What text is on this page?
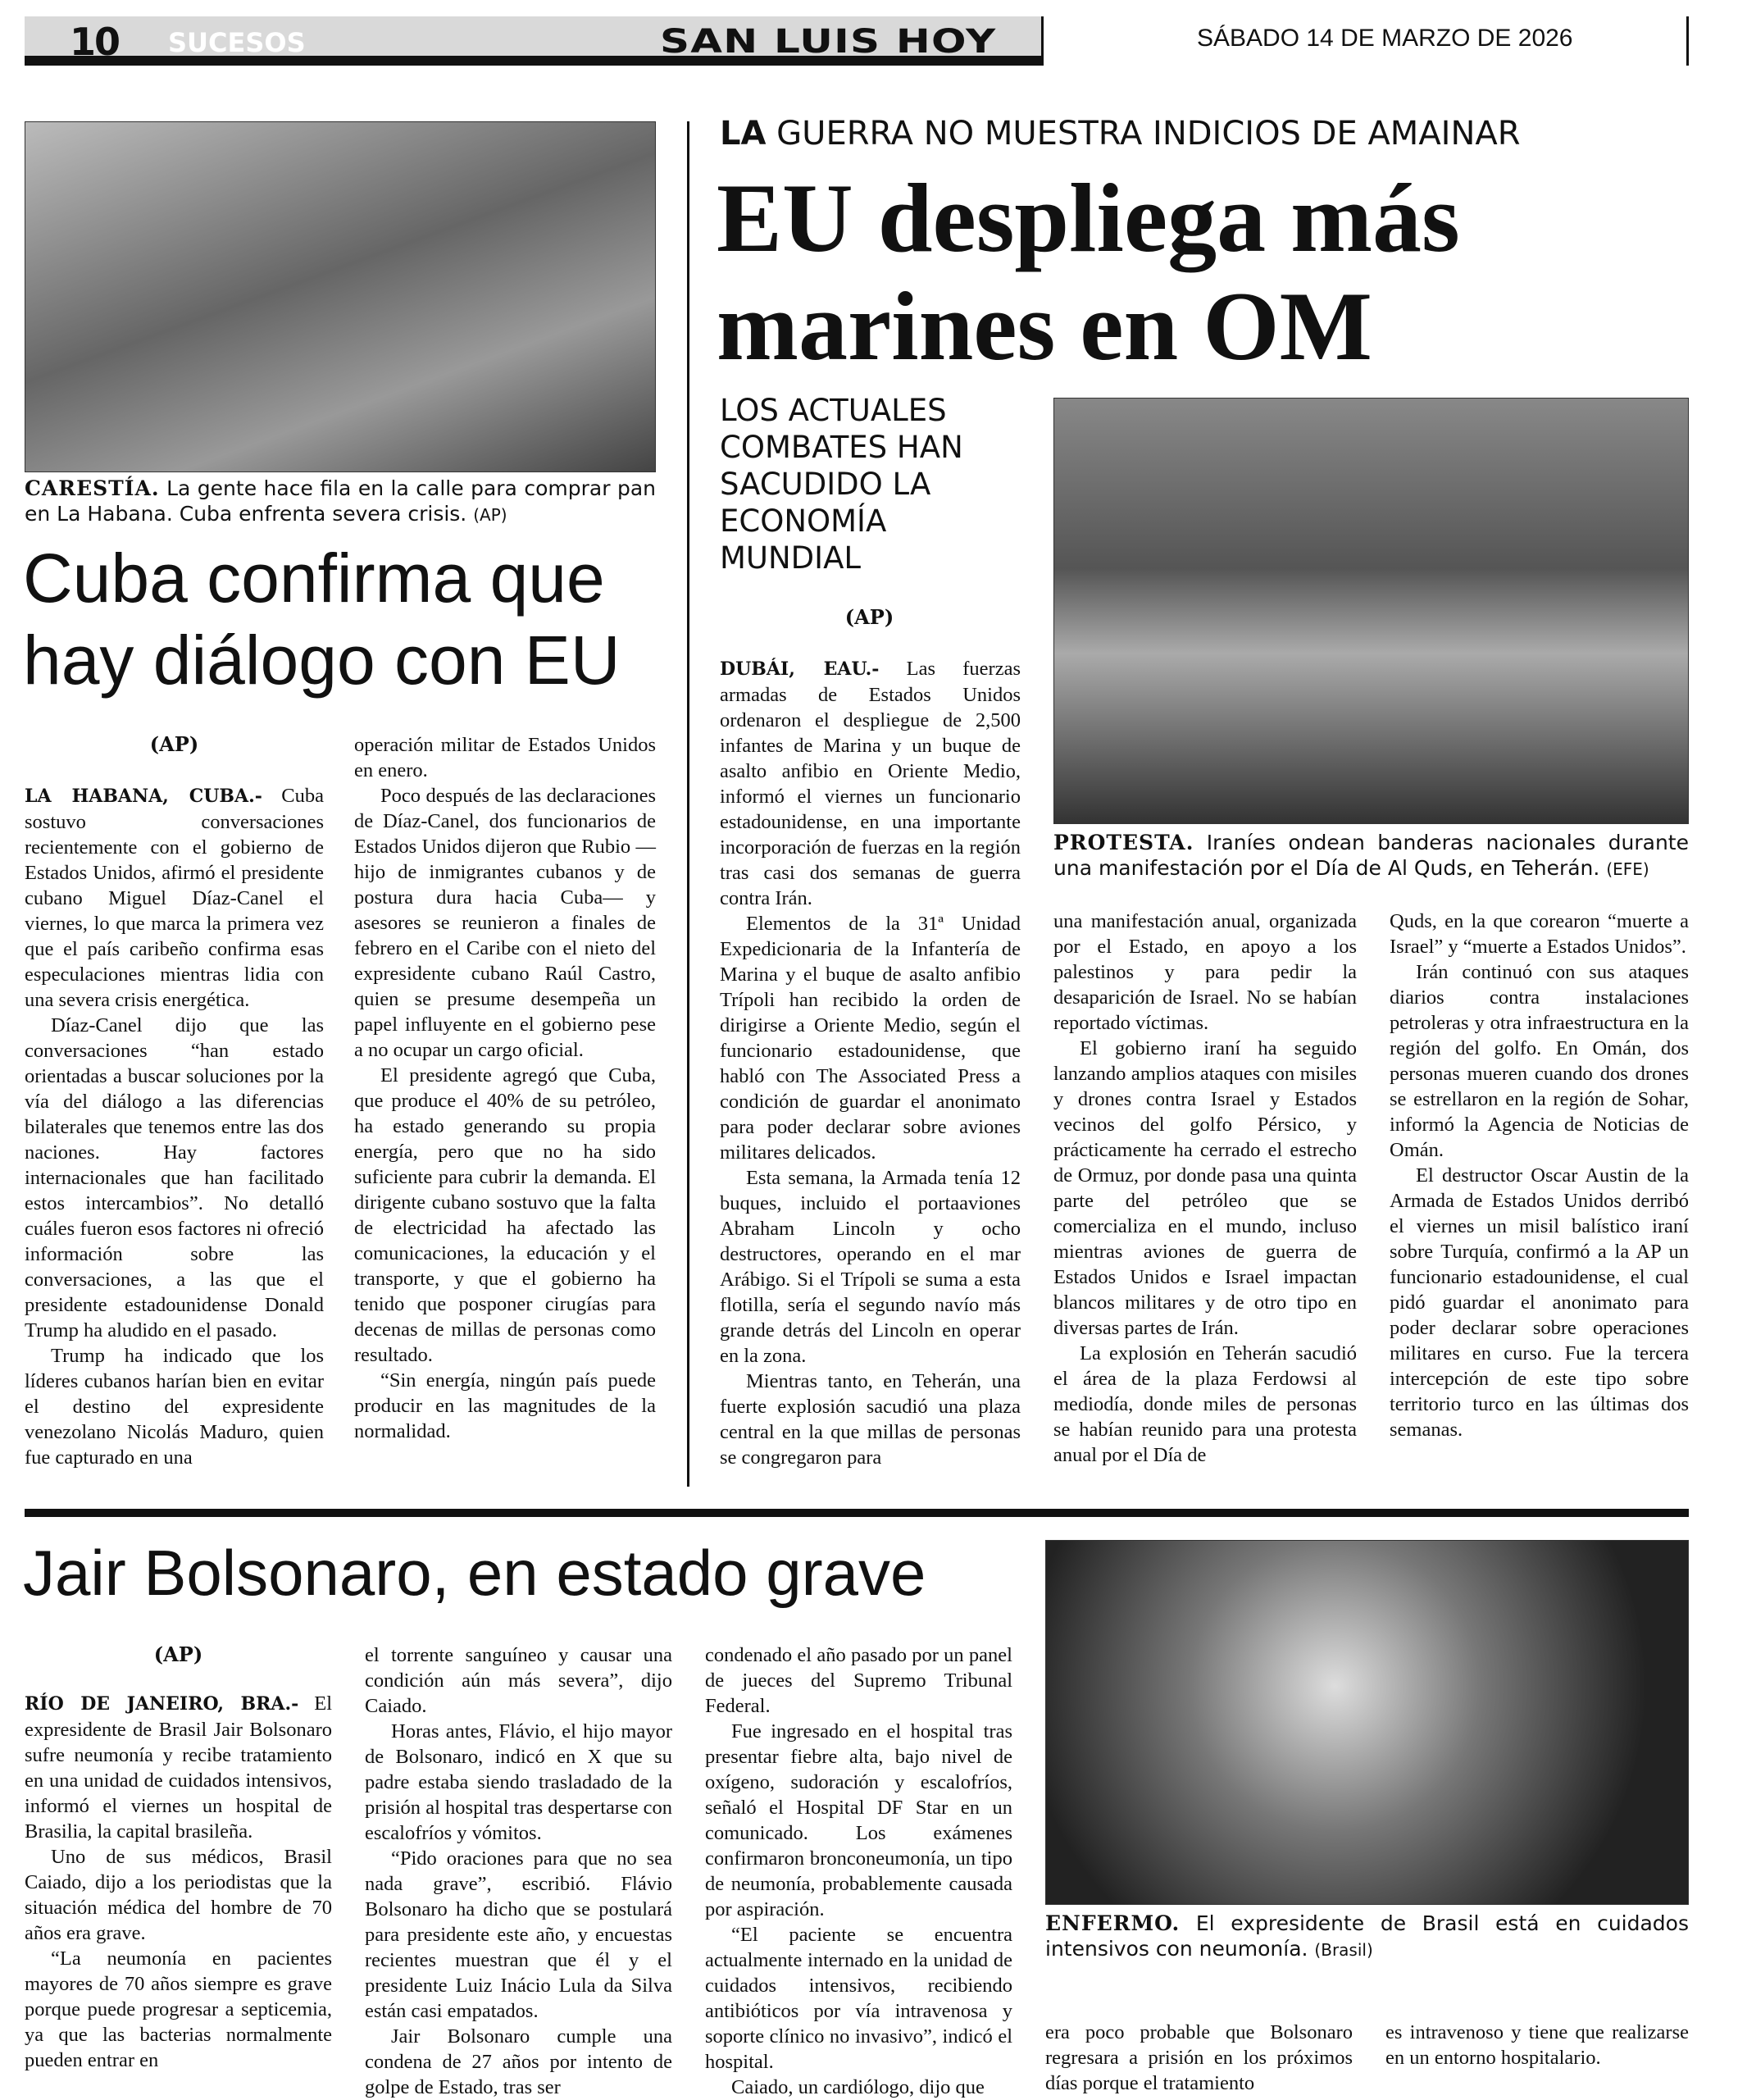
10 SUCESOS	SAN LUIS HOY	SÁBADO 14 DE MARZO DE 2026
CARESTÍA. La gente hace fila en la calle para comprar pan en La Habana. Cuba enfrenta severa crisis. (AP)
Cuba confirma que hay diálogo con EU
(AP)

LA HABANA, CUBA.- Cuba sostuvo conversaciones recientemente con el gobierno de Estados Unidos, afirmó el presidente cubano Miguel Díaz-Canel el viernes, lo que marca la primera vez que el país caribeño confirma esas especulaciones mientras lidia con una severa crisis energética.

Díaz-Canel dijo que las conversaciones “han estado orientadas a buscar soluciones por la vía del diálogo a las diferencias bilaterales que tenemos entre las dos naciones. Hay factores internacionales que han facilitado estos intercambios”. No detalló cuáles fueron esos factores ni ofreció información sobre las conversaciones, a las que el presidente estadounidense Donald Trump ha aludido en el pasado.

Trump ha indicado que los líderes cubanos harían bien en evitar el destino del expresidente venezolano Nicolás Maduro, quien fue capturado en una

operación militar de Estados Unidos en enero.

Poco después de las declaraciones de Díaz-Canel, dos funcionarios de Estados Unidos dijeron que Rubio —hijo de inmigrantes cubanos y de postura dura hacia Cuba— y asesores se reunieron a finales de febrero en el Caribe con el nieto del expresidente cubano Raúl Castro, quien se presume desempeña un papel influyente en el gobierno pese a no ocupar un cargo oficial.

El presidente agregó que Cuba, que produce el 40% de su petróleo, ha estado generando su propia energía, pero que no ha sido suficiente para cubrir la demanda. El dirigente cubano sostuvo que la falta de electricidad ha afectado las comunicaciones, la educación y el transporte, y que el gobierno ha tenido que posponer cirugías para decenas de millas de personas como resultado.

“Sin energía, ningún país puede producir en las magnitudes de la normalidad.

LA GUERRA NO MUESTRA INDICIOS DE AMAINAR
EU despliega más marines en OM
LOS ACTUALES COMBATES HAN SACUDIDO LA ECONOMÍA MUNDIAL
(AP)
PROTESTA. Iraníes ondean banderas nacionales durante una manifestación por el Día de Al Quds, en Teherán. (EFE)

DUBÁI, EAU.- Las fuerzas armadas de Estados Unidos ordenaron el despliegue de 2,500 infantes de Marina y un buque de asalto anfibio en Oriente Medio, informó el viernes un funcionario estadounidense, en una importante incorporación de fuerzas en la región tras casi dos semanas de guerra contra Irán.

Elementos de la 31ª Unidad Expedicionaria de la Infantería de Marina y el buque de asalto anfibio Trípoli han recibido la orden de dirigirse a Oriente Medio, según el funcionario estadounidense, que habló con The Associated Press a condición de guardar el anonimato para poder declarar sobre aviones militares delicados.

Esta semana, la Armada tenía 12 buques, incluido el portaaviones Abraham Lincoln y ocho destructores, operando en el mar Arábigo. Si el Trípoli se suma a esta flotilla, sería el segundo navío más grande detrás del Lincoln en operar en la zona.

Mientras tanto, en Teherán, una fuerte explosión sacudió una plaza central en la que millas de personas se congregaron para

una manifestación anual, organizada por el Estado, en apoyo a los palestinos y para pedir la desaparición de Israel. No se habían reportado víctimas.

El gobierno iraní ha seguido lanzando amplios ataques con misiles y drones contra Israel y Estados vecinos del golfo Pérsico, y prácticamente ha cerrado el estrecho de Ormuz, por donde pasa una quinta parte del petróleo que se comercializa en el mundo, incluso mientras aviones de guerra de Estados Unidos e Israel impactan blancos militares y de otro tipo en diversas partes de Irán.

La explosión en Teherán sacudió el área de la plaza Ferdowsi al mediodía, donde miles de personas se habían reunido para una protesta anual por el Día de

Quds, en la que corearon “muerte a Israel” y “muerte a Estados Unidos”.

Irán continuó con sus ataques diarios contra instalaciones petroleras y otra infraestructura en la región del golfo. En Omán, dos personas mueren cuando dos drones se estrellaron en la región de Sohar, informó la Agencia de Noticias de Omán.

El destructor Oscar Austin de la Armada de Estados Unidos derribó el viernes un misil balístico iraní sobre Turquía, confirmó a la AP un funcionario estadounidense, el cual pidó guardar el anonimato para poder declarar sobre operaciones militares en curso. Fue la tercera intercepción de este tipo sobre territorio turco en las últimas dos semanas.

Jair Bolsonaro, en estado grave
(AP)

RÍO DE JANEIRO, BRA.- El expresidente de Brasil Jair Bolsonaro sufre neumonía y recibe tratamiento en una unidad de cuidados intensivos, informó el viernes un hospital de Brasilia, la capital brasileña.

Uno de sus médicos, Brasil Caiado, dijo a los periodistas que la situación médica del hombre de 70 años era grave.

“La neumonía en pacientes mayores de 70 años siempre es grave porque puede progresar a septicemia, ya que las bacterias normalmente pueden entrar en

el torrente sanguíneo y causar una condición aún más severa”, dijo Caiado.

Horas antes, Flávio, el hijo mayor de Bolsonaro, indicó en X que su padre estaba siendo trasladado de la prisión al hospital tras despertarse con escalofríos y vómitos.

“Pido oraciones para que no sea nada grave”, escribió. Flávio Bolsonaro ha dicho que se postulará para presidente este año, y encuestas recientes muestran que él y el presidente Luiz Inácio Lula da Silva están casi empatados.

Jair Bolsonaro cumple una condena de 27 años por intento de golpe de Estado, tras ser

condenado el año pasado por un panel de jueces del Supremo Tribunal Federal.

Fue ingresado en el hospital tras presentar fiebre alta, bajo nivel de oxígeno, sudoración y escalofríos, señaló el Hospital DF Star en un comunicado. Los exámenes confirmaron bronconeumonía, un tipo de neumonía, probablemente causada por aspiración.

“El paciente se encuentra actualmente internado en la unidad de cuidados intensivos, recibiendo antibióticos por vía intravenosa y soporte clínico no invasivo”, indicó el hospital.

Caiado, un cardiólogo, dijo que

ENFERMO. El expresidente de Brasil está en cuidados intensivos con neumonía. (Brasil)

era poco probable que Bolsonaro regresara a prisión en los próximos días porque el tratamiento

es intravenoso y tiene que realizarse en un entorno hospitalario.
